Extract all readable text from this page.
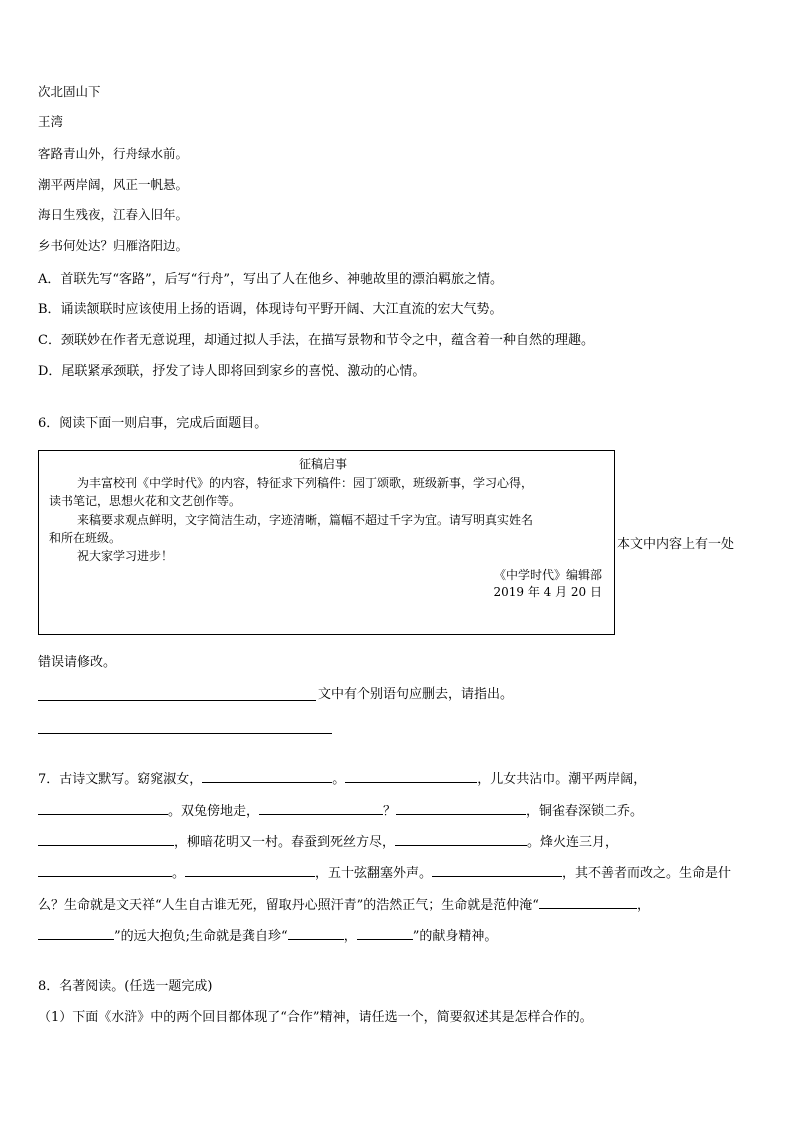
次北固山下
王湾
客路青山外，行舟绿水前。
潮平两岸阔，风正一帆悬。
海日生残夜，江春入旧年。
乡书何处达？归雁洛阳边。
A．首联先写“客路”，后写“行舟”，写出了人在他乡、神驰故里的漂泊羁旅之情。
B．诵读颔联时应该使用上扬的语调，体现诗句平野开阔、大江直流的宏大气势。
C．颈联妙在作者无意说理，却通过拟人手法，在描写景物和节令之中，蕴含着一种自然的理趣。
D．尾联紧承颈联，抒发了诗人即将回到家乡的喜悦、激动的心情。
6．阅读下面一则启事，完成后面题目。
征稿启事
为丰富校刊《中学时代》的内容，特征求下列稿件：园丁颂歌，班级新事，学习心得，
读书笔记，思想火花和文艺创作等。
来稿要求观点鲜明，文字简洁生动，字迹清晰，篇幅不超过千字为宜。请写明真实姓名
和所在班级。
祝大家学习进步！
《中学时代》编辑部
2019 年 4 月 20 日
本文中内容上有一处
错误请修改。
文中有个别语句应删去，请指出。
7．古诗文默写。窈窕淑女，	。	，儿女共沾巾。潮平两岸阔，
。双兔傍地走，	？	，铜雀春深锁二乔。
，柳暗花明又一村。春蚕到死丝方尽，	。烽火连三月，
。	，五十弦翻塞外声。	，其不善者而改之。生命是什
么？生命就是文天祥“人生自古谁无死，留取丹心照汗青”的浩然正气；生命就是范仲淹“	，
”的远大抱负;生命就是龚自珍“	，	”的献身精神。
8．名著阅读。(任选一题完成)
（1）下面《水浒》中的两个回目都体现了“合作”精神，请任选一个，简要叙述其是怎样合作的。
